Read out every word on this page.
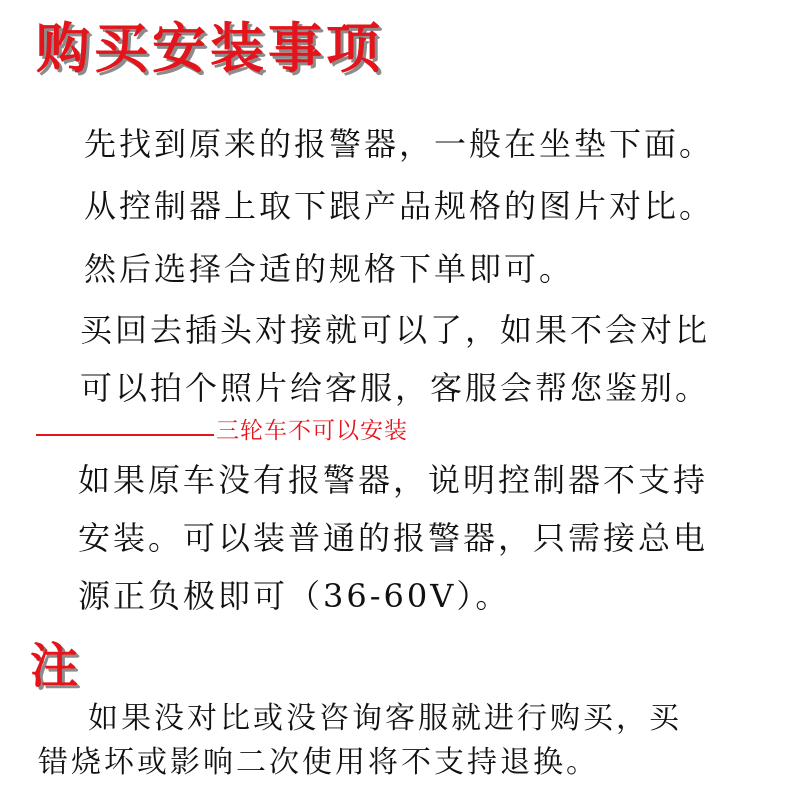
购买安装事项
先找到原来的报警器，一般在坐垫下面。
从控制器上取下跟产品规格的图片对比。
然后选择合适的规格下单即可。
买回去插头对接就可以了，如果不会对比
可以拍个照片给客服，客服会帮您鉴别。
三轮车不可以安装
如果原车没有报警器，说明控制器不支持
安装。可以装普通的报警器，只需接总电
源正负极即可（36-60V）。
注
如果没对比或没咨询客服就进行购买，买
错烧坏或影响二次使用将不支持退换。
